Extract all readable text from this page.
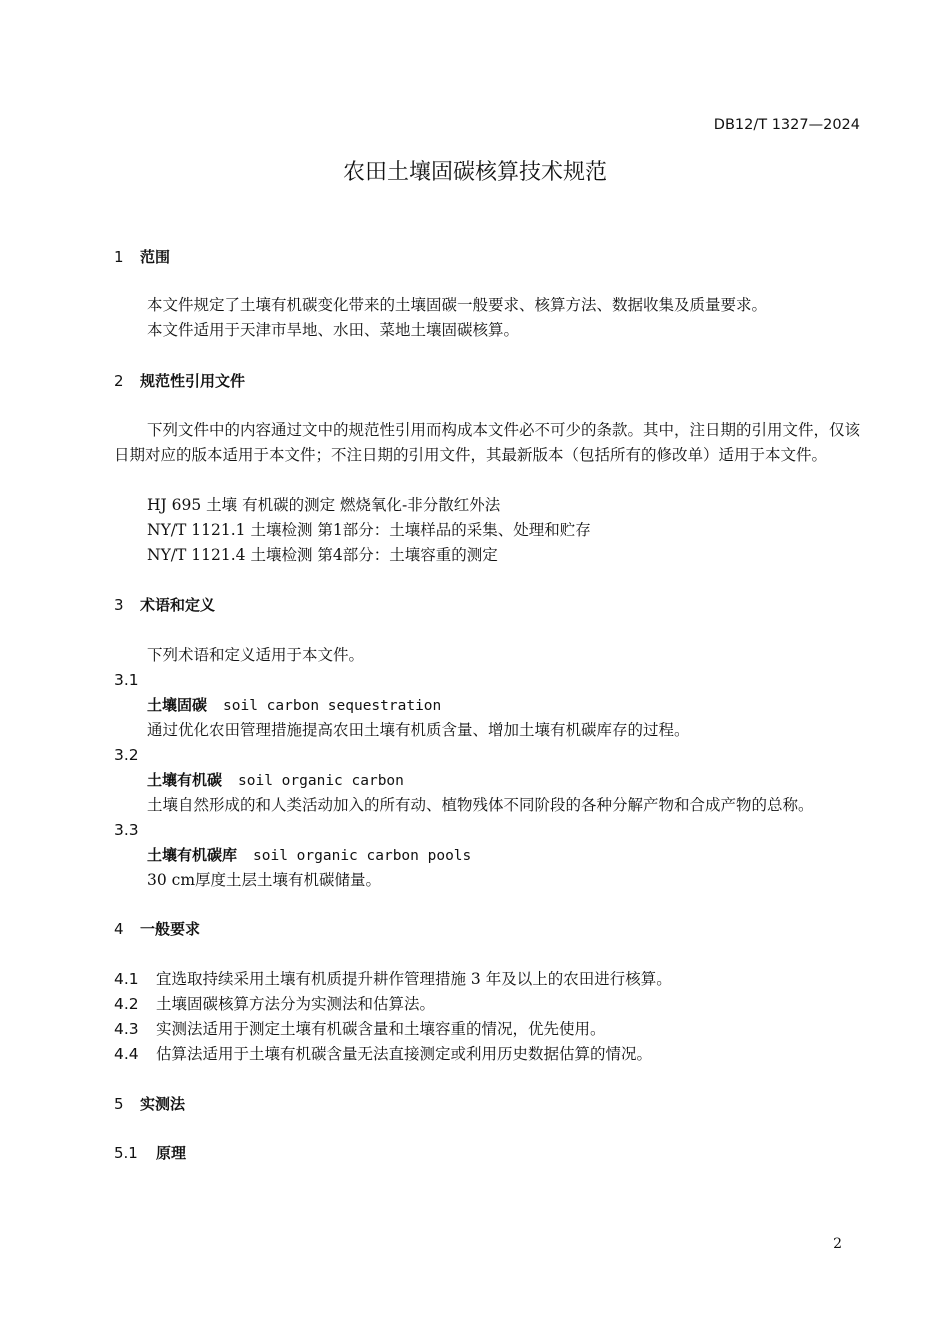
DB12/T 1327—2024
农田土壤固碳核算技术规范
1 范围
本文件规定了土壤有机碳变化带来的土壤固碳一般要求、核算方法、数据收集及质量要求。
本文件适用于天津市旱地、水田、菜地土壤固碳核算。
2 规范性引用文件
下列文件中的内容通过文中的规范性引用而构成本文件必不可少的条款。其中，注日期的引用文件，仅该日期对应的版本适用于本文件；不注日期的引用文件，其最新版本（包括所有的修改单）适用于本文件。
HJ 695 土壤 有机碳的测定 燃烧氧化-非分散红外法
NY/T 1121.1 土壤检测 第1部分：土壤样品的采集、处理和贮存
NY/T 1121.4 土壤检测 第4部分：土壤容重的测定
3 术语和定义
下列术语和定义适用于本文件。
3.1
土壤固碳 soil carbon sequestration
通过优化农田管理措施提高农田土壤有机质含量、增加土壤有机碳库存的过程。
3.2
土壤有机碳 soil organic carbon
土壤自然形成的和人类活动加入的所有动、植物残体不同阶段的各种分解产物和合成产物的总称。
3.3
土壤有机碳库 soil organic carbon pools
30 cm厚度土层土壤有机碳储量。
4 一般要求
4.1 宜选取持续采用土壤有机质提升耕作管理措施 3 年及以上的农田进行核算。
4.2 土壤固碳核算方法分为实测法和估算法。
4.3 实测法适用于测定土壤有机碳含量和土壤容重的情况，优先使用。
4.4 估算法适用于土壤有机碳含量无法直接测定或利用历史数据估算的情况。
5 实测法
5.1 原理
2
